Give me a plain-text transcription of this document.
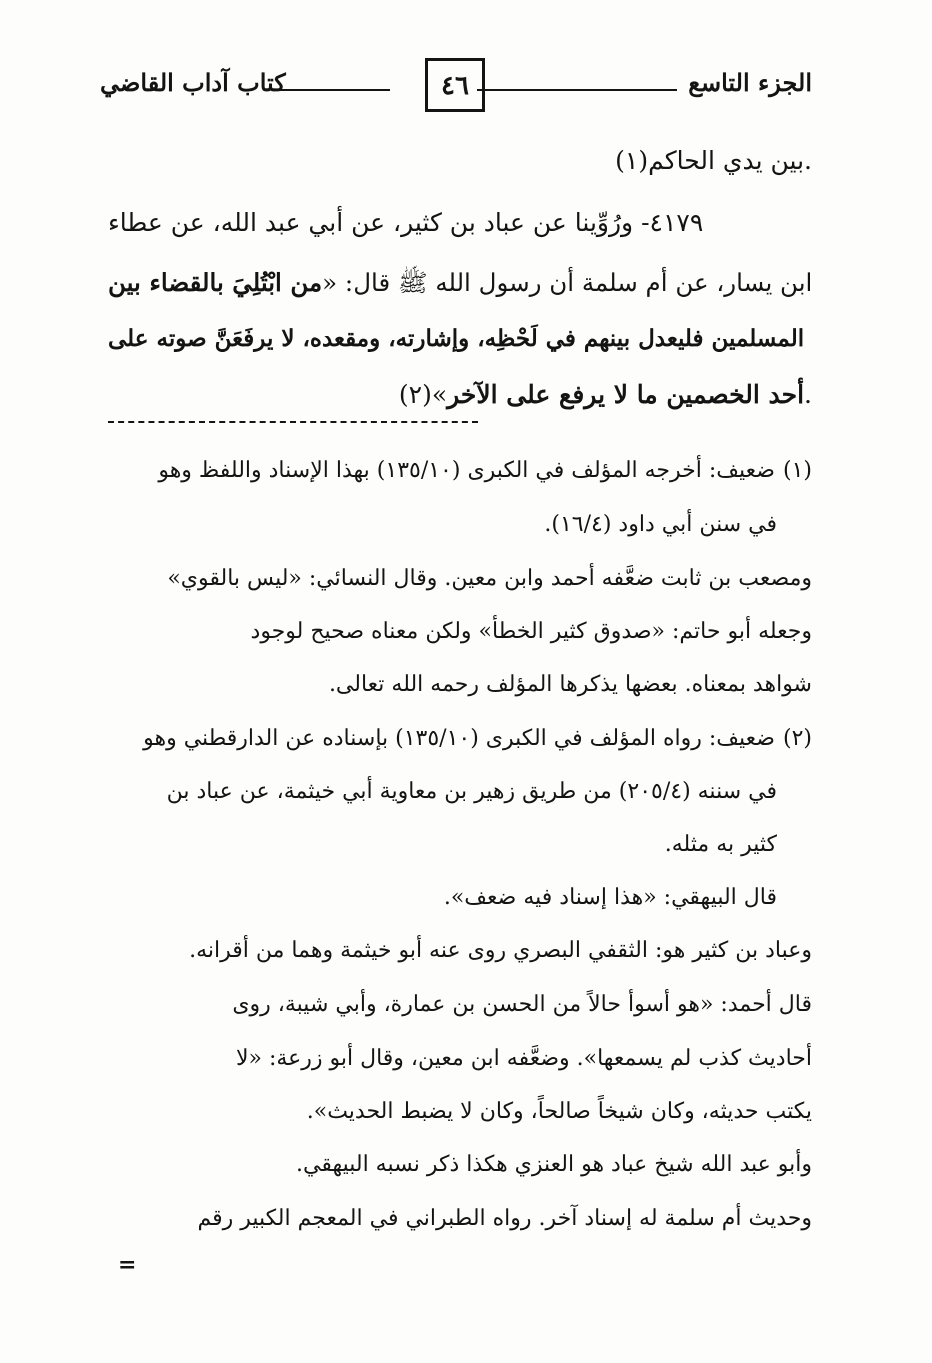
الجزء التاسع
٤٦
كتاب آداب القاضي
بين يدي الحاكم(١).
٤١٧٩- ورُوِّينا عن عباد بن كثير، عن أبي عبد الله، عن عطاء
ابن يسار، عن أم سلمة أن رسول الله ﷺ قال: «من ابْتُلِيَ بالقضاء بين
المسلمين فليعدل بينهم في لَحْظِه، وإشارته، ومقعده، لا يرفَعَنَّ صوته على
أحد الخصمين ما لا يرفع على الآخر»(٢).
(١)ضعيف: أخرجه المؤلف في الكبرى (١٣٥/١٠) بهذا الإسناد واللفظ وهو
في سنن أبي داود (١٦/٤).
ومصعب بن ثابت ضعَّفه أحمد وابن معين. وقال النسائي: «ليس بالقوي»
وجعله أبو حاتم: «صدوق كثير الخطأ» ولكن معناه صحيح لوجود
شواهد بمعناه. بعضها يذكرها المؤلف رحمه الله تعالى.
(٢)ضعيف: رواه المؤلف في الكبرى (١٣٥/١٠) بإسناده عن الدارقطني وهو
في سننه (٢٠٥/٤) من طريق زهير بن معاوية أبي خيثمة، عن عباد بن
كثير به مثله.
قال البيهقي: «هذا إسناد فيه ضعف».
وعباد بن كثير هو: الثقفي البصري روى عنه أبو خيثمة وهما من أقرانه.
قال أحمد: «هو أسوأ حالاً من الحسن بن عمارة، وأبي شيبة، روى
أحاديث كذب لم يسمعها». وضعَّفه ابن معين، وقال أبو زرعة: «لا
يكتب حديثه، وكان شيخاً صالحاً، وكان لا يضبط الحديث».
وأبو عبد الله شيخ عباد هو العنزي هكذا ذكر نسبه البيهقي.
وحديث أم سلمة له إسناد آخر. رواه الطبراني في المعجم الكبير رقم
=
